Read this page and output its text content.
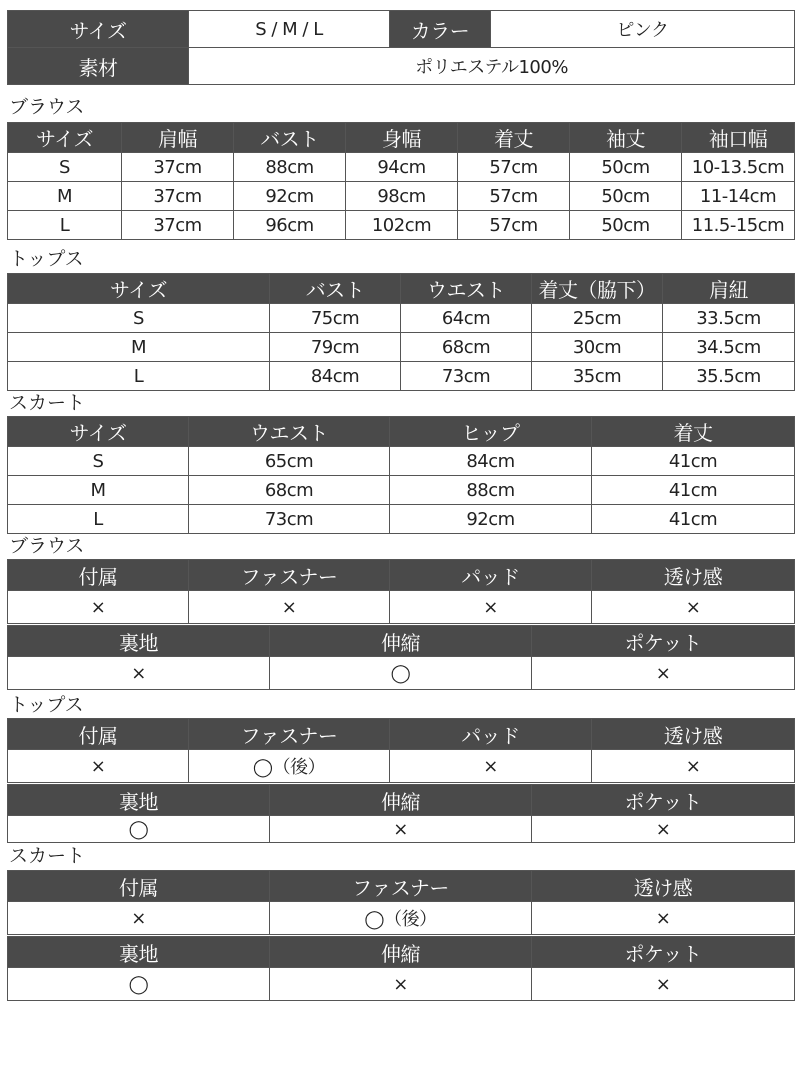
サイズ	S / M / L	カラー	ピンク
素材	ポリエステル100%		
ブラウス
サイズ	肩幅	バスト	身幅	着丈	袖丈	袖口幅
S	37cm	88cm	94cm	57cm	50cm	10-13.5cm
M	37cm	92cm	98cm	57cm	50cm	11-14cm
L	37cm	96cm	102cm	57cm	50cm	11.5-15cm
トップス
サイズ	バスト	ウエスト	着丈（脇下）	肩紐
S	75cm	64cm	25cm	33.5cm
M	79cm	68cm	30cm	34.5cm
L	84cm	73cm	35cm	35.5cm
スカート
サイズ	ウエスト	ヒップ	着丈
S	65cm	84cm	41cm
M	68cm	88cm	41cm
L	73cm	92cm	41cm
ブラウス
付属	ファスナー	パッド	透け感
×	×	×	×
裏地	伸縮	ポケット
×	◯	×
トップス
付属	ファスナー	パッド	透け感
×	◯（後）	×	×
裏地	伸縮	ポケット
◯	×	×
スカート
付属	ファスナー	透け感
×	◯（後）	×
裏地	伸縮	ポケット
◯	×	×
